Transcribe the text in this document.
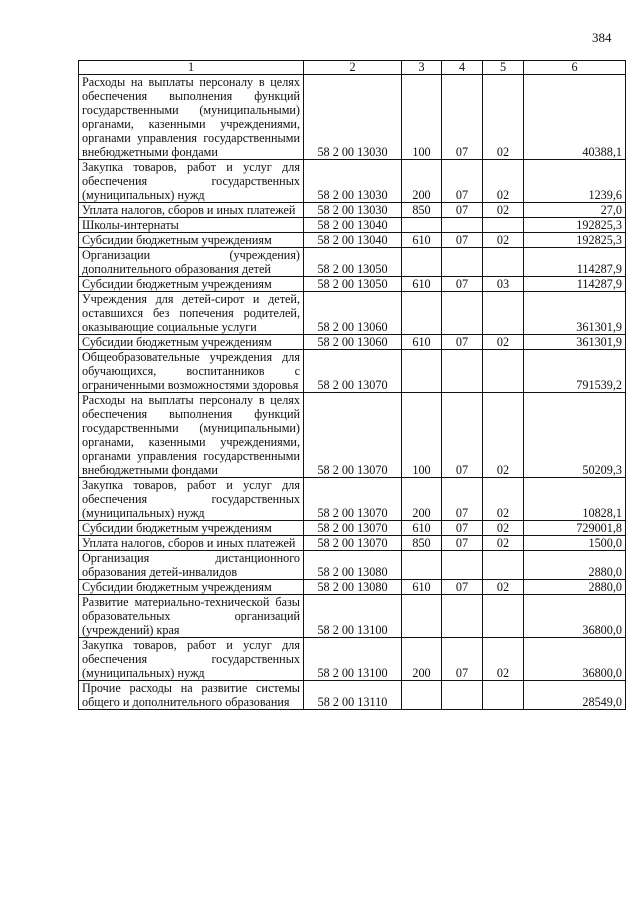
384
1	2	3	4	5	6
Расходы на выплаты персоналу в целях обеспечения выполнения функций государственными (муниципальными) органами, казенными учреждениями, органами управления государственными внебюджетными фондами	58 2 00 13030	100	07	02	40388,1
Закупка товаров, работ и услуг для обеспечения государственных (муниципальных) нужд	58 2 00 13030	200	07	02	1239,6
Уплата налогов, сборов и иных платежей	58 2 00 13030	850	07	02	27,0
Школы-интернаты	58 2 00 13040				192825,3
Субсидии бюджетным учреждениям	58 2 00 13040	610	07	02	192825,3
Организации (учреждения) дополнительного образования детей	58 2 00 13050				114287,9
Субсидии бюджетным учреждениям	58 2 00 13050	610	07	03	114287,9
Учреждения для детей-сирот и детей, оставшихся без попечения родителей, оказывающие социальные услуги	58 2 00 13060				361301,9
Субсидии бюджетным учреждениям	58 2 00 13060	610	07	02	361301,9
Общеобразовательные учреждения для обучающихся, воспитанников с ограниченными возможностями здоровья	58 2 00 13070				791539,2
Расходы на выплаты персоналу в целях обеспечения выполнения функций государственными (муниципальными) органами, казенными учреждениями, органами управления государственными внебюджетными фондами	58 2 00 13070	100	07	02	50209,3
Закупка товаров, работ и услуг для обеспечения государственных (муниципальных) нужд	58 2 00 13070	200	07	02	10828,1
Субсидии бюджетным учреждениям	58 2 00 13070	610	07	02	729001,8
Уплата налогов, сборов и иных платежей	58 2 00 13070	850	07	02	1500,0
Организация дистанционного образования детей-инвалидов	58 2 00 13080				2880,0
Субсидии бюджетным учреждениям	58 2 00 13080	610	07	02	2880,0
Развитие материально-технической базы образовательных организаций (учреждений) края	58 2 00 13100				36800,0
Закупка товаров, работ и услуг для обеспечения государственных (муниципальных) нужд	58 2 00 13100	200	07	02	36800,0
Прочие расходы на развитие системы общего и дополнительного образования	58 2 00 13110				28549,0
